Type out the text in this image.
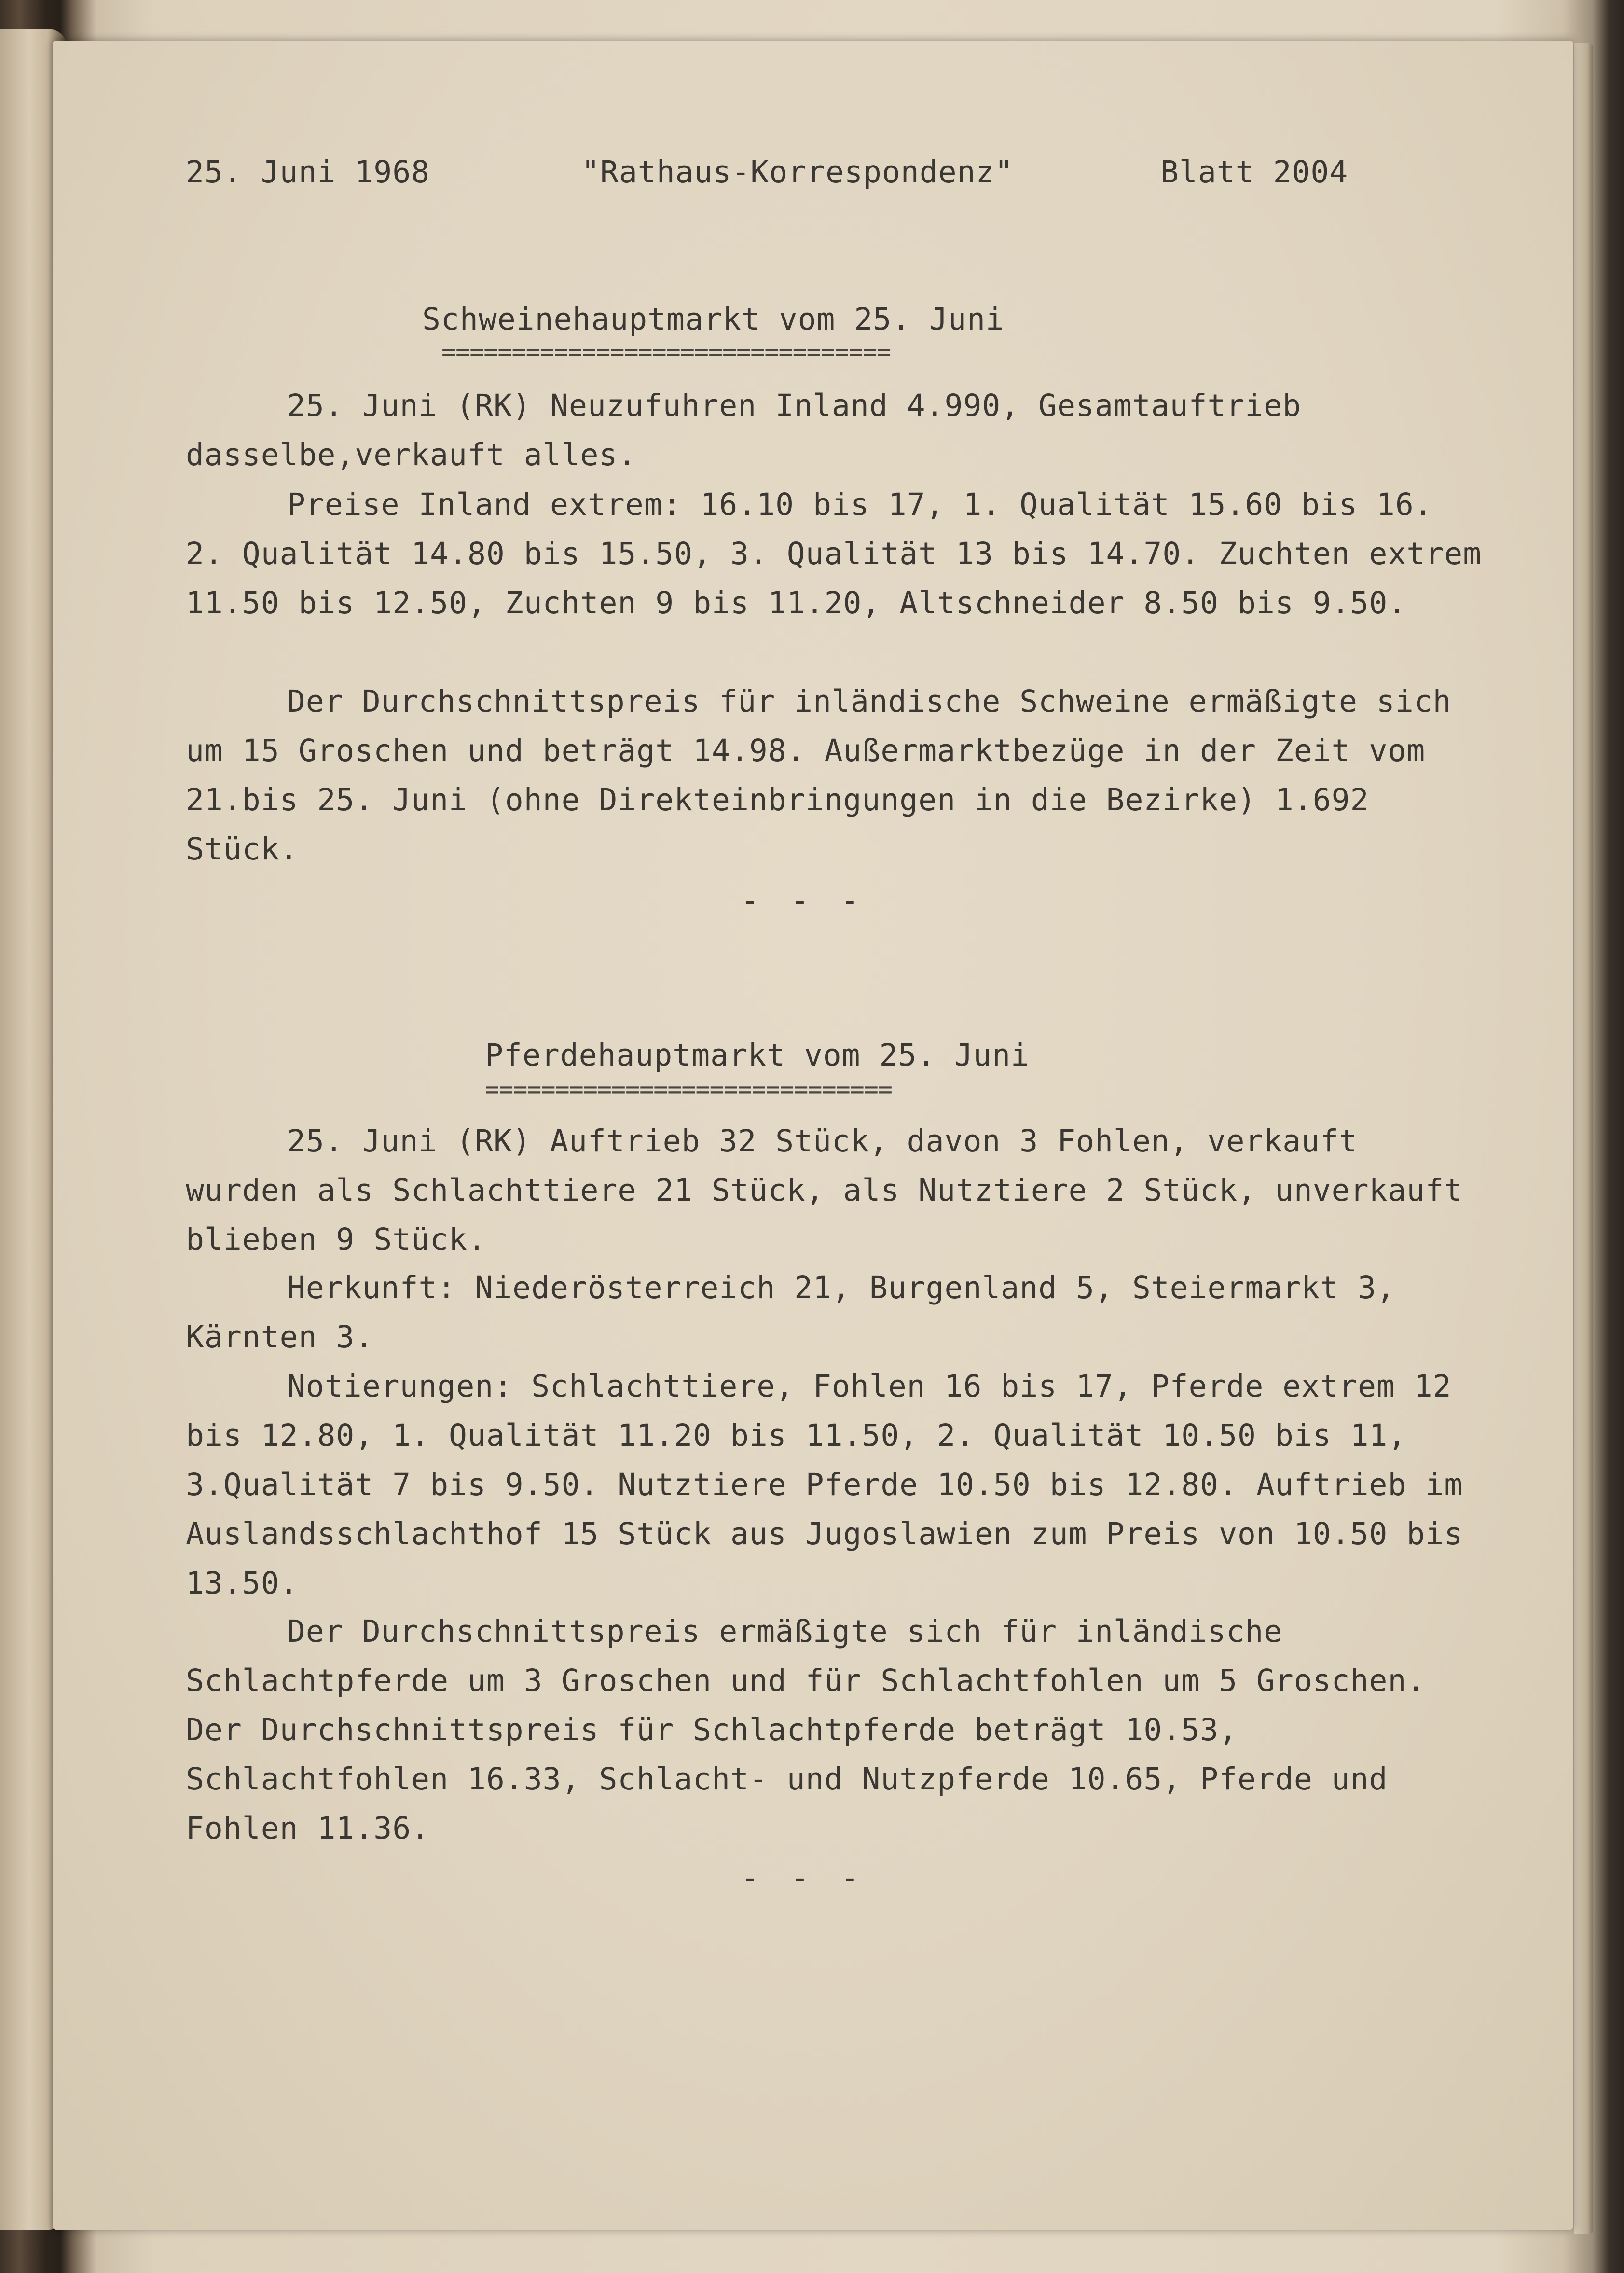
25. Juni 1968	"Rathaus-Korrespondenz"	Blatt 2004
Schweinehauptmarkt vom 25. Juni
================================

25. Juni (RK) Neuzufuhren Inland 4.990, Gesamtauftrieb dasselbe,verkauft alles.

Preise Inland extrem: 16.10 bis 17, 1. Qualität 15.60 bis 16. 2. Qualität 14.80 bis 15.50, 3. Qualität 13 bis 14.70. Zuchten extrem 11.50 bis 12.50, Zuchten 9 bis 11.20, Altschneider 8.50 bis 9.50.

Der Durchschnittspreis für inländische Schweine ermäßigte sich um 15 Groschen und beträgt 14.98. Außermarktbezüge in der Zeit vom 21.bis 25. Juni (ohne Direkteinbringungen in die Bezirke) 1.692 Stück.

- - -
Pferdehauptmarkt vom 25. Juni
=============================

25. Juni (RK) Auftrieb 32 Stück, davon 3 Fohlen, verkauft wurden als Schlachttiere 21 Stück, als Nutztiere 2 Stück, unverkauft blieben 9 Stück.

Herkunft: Niederösterreich 21, Burgenland 5, Steiermarkt 3, Kärnten 3.

Notierungen: Schlachttiere, Fohlen 16 bis 17, Pferde extrem 12 bis 12.80, 1. Qualität 11.20 bis 11.50, 2. Qualität 10.50 bis 11, 3.Qualität 7 bis 9.50. Nutztiere Pferde 10.50 bis 12.80. Auftrieb im Auslandsschlachthof 15 Stück aus Jugoslawien zum Preis von 10.50 bis 13.50.

Der Durchschnittspreis ermäßigte sich für inländische Schlachtpferde um 3 Groschen und für Schlachtfohlen um 5 Groschen. Der Durchschnittspreis für Schlachtpferde beträgt 10.53, Schlachtfohlen 16.33, Schlacht- und Nutzpferde 10.65, Pferde und Fohlen 11.36.

- - -
